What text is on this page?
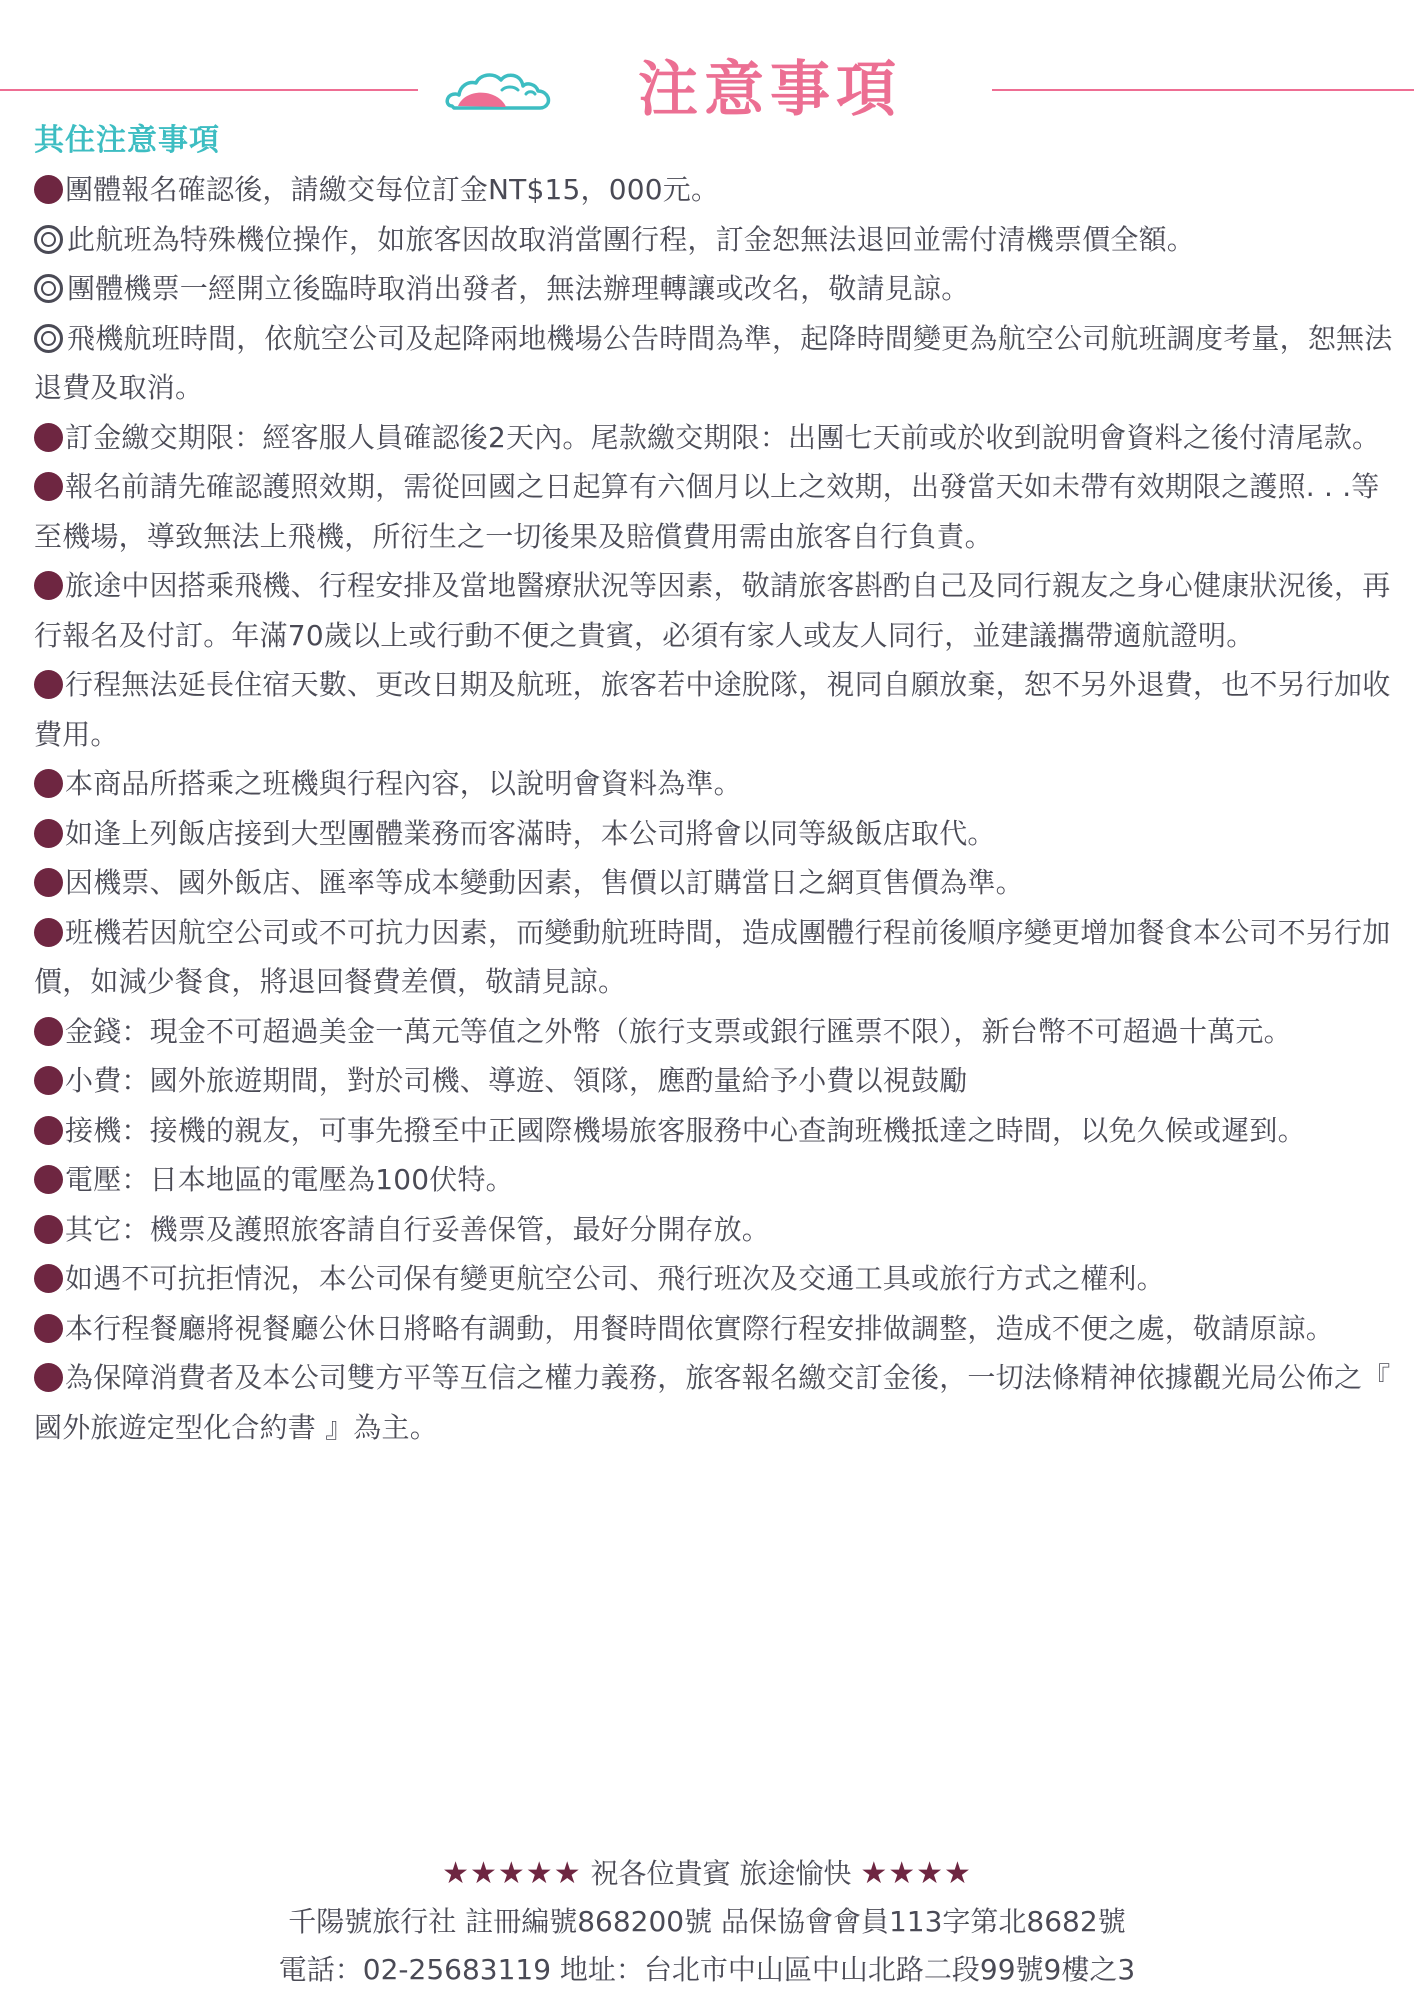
注意事項
其住注意事項
團體報名確認後，請繳交每位訂金NT$15，000元。
此航班為特殊機位操作，如旅客因故取消當團行程，訂金恕無法退回並需付清機票價全額。
團體機票一經開立後臨時取消出發者，無法辦理轉讓或改名，敬請見諒。
飛機航班時間，依航空公司及起降兩地機場公告時間為準，起降時間變更為航空公司航班調度考量，恕無法退費及取消。
訂金繳交期限：經客服人員確認後2天內。尾款繳交期限：出團七天前或於收到說明會資料之後付清尾款。
報名前請先確認護照效期，需從回國之日起算有六個月以上之效期，出發當天如未帶有效期限之護照. . .等至機場，導致無法上飛機，所衍生之一切後果及賠償費用需由旅客自行負責。
旅途中因搭乘飛機、行程安排及當地醫療狀況等因素，敬請旅客斟酌自己及同行親友之身心健康狀況後，再行報名及付訂。年滿70歲以上或行動不便之貴賓，必須有家人或友人同行，並建議攜帶適航證明。
行程無法延長住宿天數、更改日期及航班，旅客若中途脫隊，視同自願放棄，恕不另外退費，也不另行加收費用。
本商品所搭乘之班機與行程內容，以說明會資料為準。
如逢上列飯店接到大型團體業務而客滿時，本公司將會以同等級飯店取代。
因機票、國外飯店、匯率等成本變動因素，售價以訂購當日之網頁售價為準。
班機若因航空公司或不可抗力因素，而變動航班時間，造成團體行程前後順序變更增加餐食本公司不另行加價，如減少餐食，將退回餐費差價，敬請見諒。
金錢：現金不可超過美金一萬元等值之外幣（旅行支票或銀行匯票不限），新台幣不可超過十萬元。
小費：國外旅遊期間，對於司機、導遊、領隊，應酌量給予小費以視鼓勵
接機：接機的親友，可事先撥至中正國際機場旅客服務中心查詢班機抵達之時間，以免久候或遲到。
電壓：日本地區的電壓為100伏特。
其它：機票及護照旅客請自行妥善保管，最好分開存放。
如遇不可抗拒情況，本公司保有變更航空公司、飛行班次及交通工具或旅行方式之權利。
本行程餐廳將視餐廳公休日將略有調動，用餐時間依實際行程安排做調整，造成不便之處，敬請原諒。
為保障消費者及本公司雙方平等互信之權力義務，旅客報名繳交訂金後，一切法條精神依據觀光局公佈之『 國外旅遊定型化合約書 』為主。
★★★★★ 祝各位貴賓 旅途愉快 ★★★★
千陽號旅行社 註冊編號868200號 品保協會會員113字第北8682號
電話：02-25683119 地址：台北市中山區中山北路二段99號9樓之3
